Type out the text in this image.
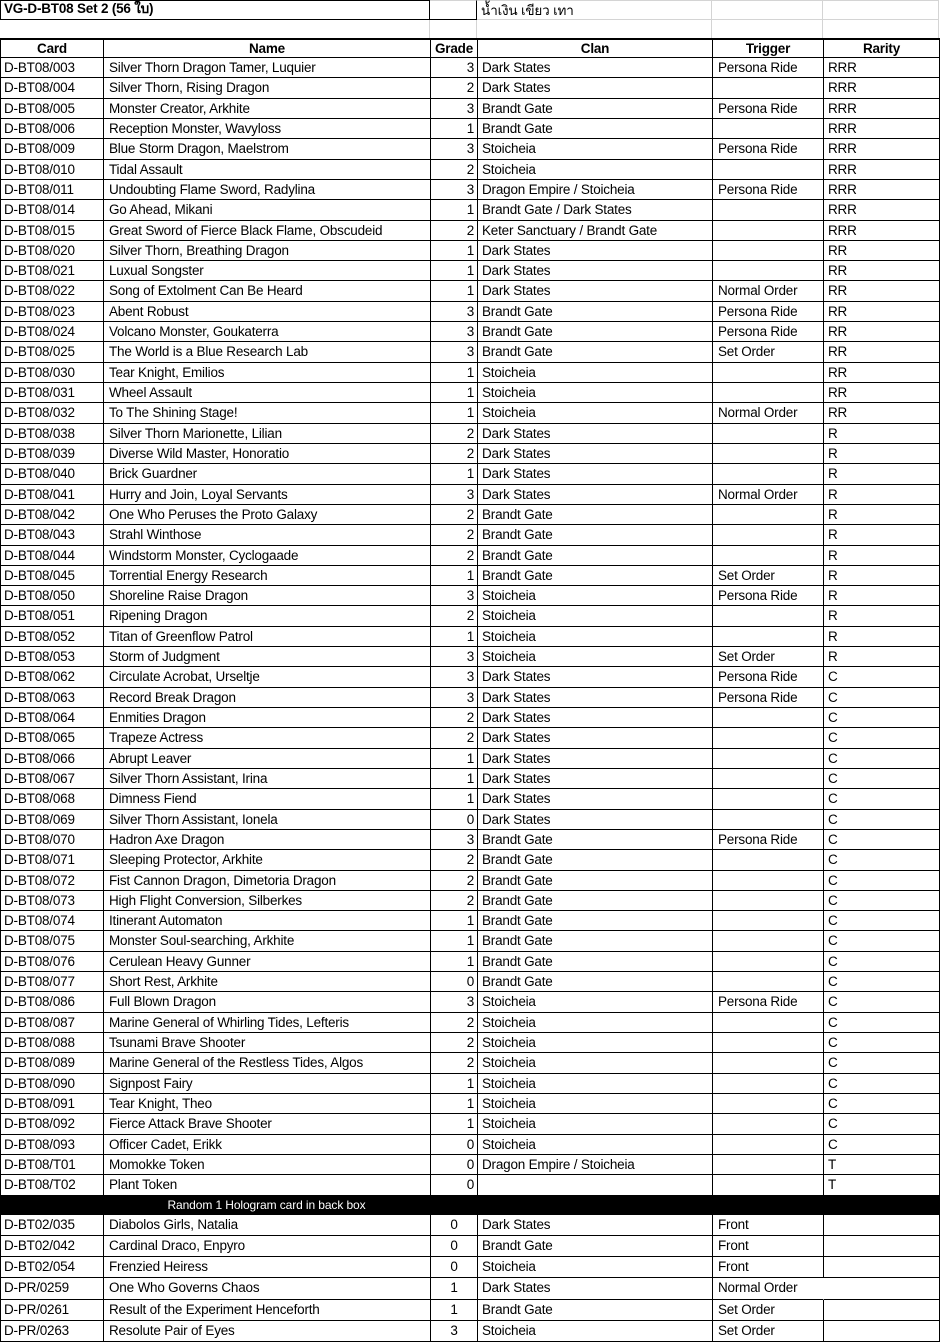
VG-D-BT08 Set 2 (56 ใบ)	น้ำเงิน เขียว เทา
Card	Name	Grade	Clan	Trigger	Rarity
D-BT08/003	Silver Thorn Dragon Tamer, Luquier	3 Dark States	Persona Ride	RRR
D-BT08/004	Silver Thorn, Rising Dragon	2 Dark States	RRR
D-BT08/005	Monster Creator, Arkhite	3 Brandt Gate	Persona Ride	RRR
D-BT08/006	Reception Monster, Wavyloss	1 Brandt Gate	RRR
D-BT08/009	Blue Storm Dragon, Maelstrom	3 Stoicheia	Persona Ride	RRR
D-BT08/010	Tidal Assault	2 Stoicheia	RRR
D-BT08/011	Undoubting Flame Sword, Radylina	3 Dragon Empire / Stoicheia	Persona Ride	RRR
D-BT08/014	Go Ahead, Mikani	1 Brandt Gate / Dark States	RRR
D-BT08/015	Great Sword of Fierce Black Flame, Obscudeid	2 Keter Sanctuary / Brandt Gate	RRR
D-BT08/020	Silver Thorn, Breathing Dragon	1 Dark States	RR
D-BT08/021	Luxual Songster	1 Dark States	RR
D-BT08/022	Song of Extolment Can Be Heard	1 Dark States	Normal Order	RR
D-BT08/023	Abent Robust	3 Brandt Gate	Persona Ride	RR
D-BT08/024	Volcano Monster, Goukaterra	3 Brandt Gate	Persona Ride	RR
D-BT08/025	The World is a Blue Research Lab	3 Brandt Gate	Set Order	RR
D-BT08/030	Tear Knight, Emilios	1 Stoicheia	RR
D-BT08/031	Wheel Assault	1 Stoicheia	RR
D-BT08/032	To The Shining Stage!	1 Stoicheia	Normal Order	RR
D-BT08/038	Silver Thorn Marionette, Lilian	2 Dark States	R
D-BT08/039	Diverse Wild Master, Honoratio	2 Dark States	R
D-BT08/040	Brick Guardner	1 Dark States	R
D-BT08/041	Hurry and Join, Loyal Servants	3 Dark States	Normal Order	R
D-BT08/042	One Who Peruses the Proto Galaxy	2 Brandt Gate	R
D-BT08/043	Strahl Winthose	2 Brandt Gate	R
D-BT08/044	Windstorm Monster, Cyclogaade	2 Brandt Gate	R
D-BT08/045	Torrential Energy Research	1 Brandt Gate	Set Order	R
D-BT08/050	Shoreline Raise Dragon	3 Stoicheia	Persona Ride	R
D-BT08/051	Ripening Dragon	2 Stoicheia	R
D-BT08/052	Titan of Greenflow Patrol	1 Stoicheia	R
D-BT08/053	Storm of Judgment	3 Stoicheia	Set Order	R
D-BT08/062	Circulate Acrobat, Urseltje	3 Dark States	Persona Ride	C
D-BT08/063	Record Break Dragon	3 Dark States	Persona Ride	C
D-BT08/064	Enmities Dragon	2 Dark States	C
D-BT08/065	Trapeze Actress	2 Dark States	C
D-BT08/066	Abrupt Leaver	1 Dark States	C
D-BT08/067	Silver Thorn Assistant, Irina	1 Dark States	C
D-BT08/068	Dimness Fiend	1 Dark States	C
D-BT08/069	Silver Thorn Assistant, Ionela	0 Dark States	C
D-BT08/070	Hadron Axe Dragon	3 Brandt Gate	Persona Ride	C
D-BT08/071	Sleeping Protector, Arkhite	2 Brandt Gate	C
D-BT08/072	Fist Cannon Dragon, Dimetoria Dragon	2 Brandt Gate	C
D-BT08/073	High Flight Conversion, Silberkes	2 Brandt Gate	C
D-BT08/074	Itinerant Automaton	1 Brandt Gate	C
D-BT08/075	Monster Soul-searching, Arkhite	1 Brandt Gate	C
D-BT08/076	Cerulean Heavy Gunner	1 Brandt Gate	C
D-BT08/077	Short Rest, Arkhite	0 Brandt Gate	C
D-BT08/086	Full Blown Dragon	3 Stoicheia	Persona Ride	C
D-BT08/087	Marine General of Whirling Tides, Lefteris	2 Stoicheia	C
D-BT08/088	Tsunami Brave Shooter	2 Stoicheia	C
D-BT08/089	Marine General of the Restless Tides, Algos	2 Stoicheia	C
D-BT08/090	Signpost Fairy	1 Stoicheia	C
D-BT08/091	Tear Knight, Theo	1 Stoicheia	C
D-BT08/092	Fierce Attack Brave Shooter	1 Stoicheia	C
D-BT08/093	Officer Cadet, Erikk	0 Stoicheia	C
D-BT08/T01	Momokke Token	0 Dragon Empire / Stoicheia	T
D-BT08/T02	Plant Token	0	T
Random 1 Hologram card in back box
D-BT02/035	Diabolos Girls, Natalia	0	Dark States	Front
D-BT02/042	Cardinal Draco, Enpyro	0	Brandt Gate	Front
D-BT02/054	Frenzied Heiress	0	Stoicheia	Front
D-PR/0259	One Who Governs Chaos	1	Dark States	Normal Order
D-PR/0261	Result of the Experiment Henceforth	1	Brandt Gate	Set Order
D-PR/0263	Resolute Pair of Eyes	3	Stoicheia	Set Order
